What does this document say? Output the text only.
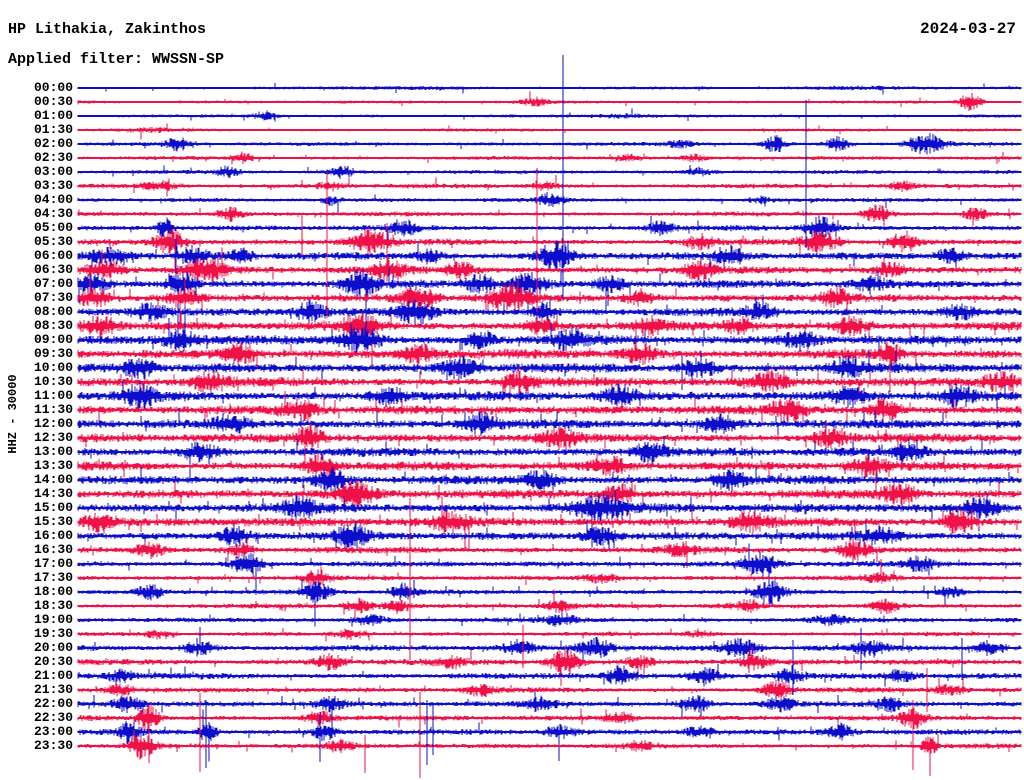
HP Lithakia, Zakinthos
Applied filter: WWSSN-SP
2024-03-27
HHZ - 30000
00:00
00:30
01:00
01:30
02:00
02:30
03:00
03:30
04:00
04:30
05:00
05:30
06:00
06:30
07:00
07:30
08:00
08:30
09:00
09:30
10:00
10:30
11:00
11:30
12:00
12:30
13:00
13:30
14:00
14:30
15:00
15:30
16:00
16:30
17:00
17:30
18:00
18:30
19:00
19:30
20:00
20:30
21:00
21:30
22:00
22:30
23:00
23:30
